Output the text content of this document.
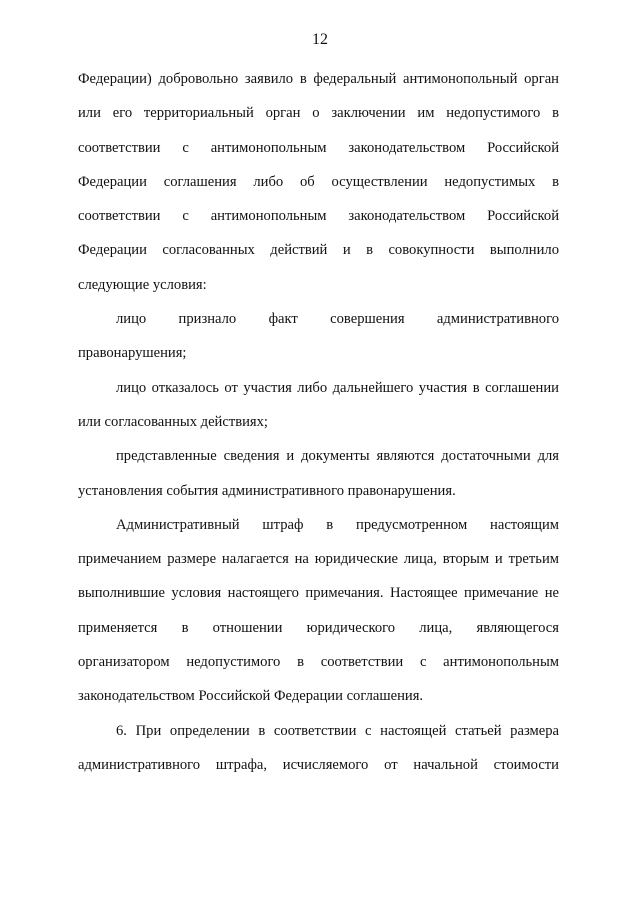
12
Федерации) добровольно заявило в федеральный антимонопольный орган
или его территориальный орган о заключении им недопустимого в
соответствии с антимонопольным законодательством Российской
Федерации соглашения либо об осуществлении недопустимых в
соответствии с антимонопольным законодательством Российской
Федерации согласованных действий и в совокупности выполнило
следующие условия:
лицо признало факт совершения административного
правонарушения;
лицо отказалось от участия либо дальнейшего участия в соглашении
или согласованных действиях;
представленные сведения и документы являются достаточными для
установления события административного правонарушения.
Административный штраф в предусмотренном настоящим
примечанием размере налагается на юридические лица, вторым и третьим
выполнившие условия настоящего примечания. Настоящее примечание не
применяется в отношении юридического лица, являющегося
организатором недопустимого в соответствии с антимонопольным
законодательством Российской Федерации соглашения.
6. При определении в соответствии с настоящей статьей размера
административного штрафа, исчисляемого от начальной стоимости
